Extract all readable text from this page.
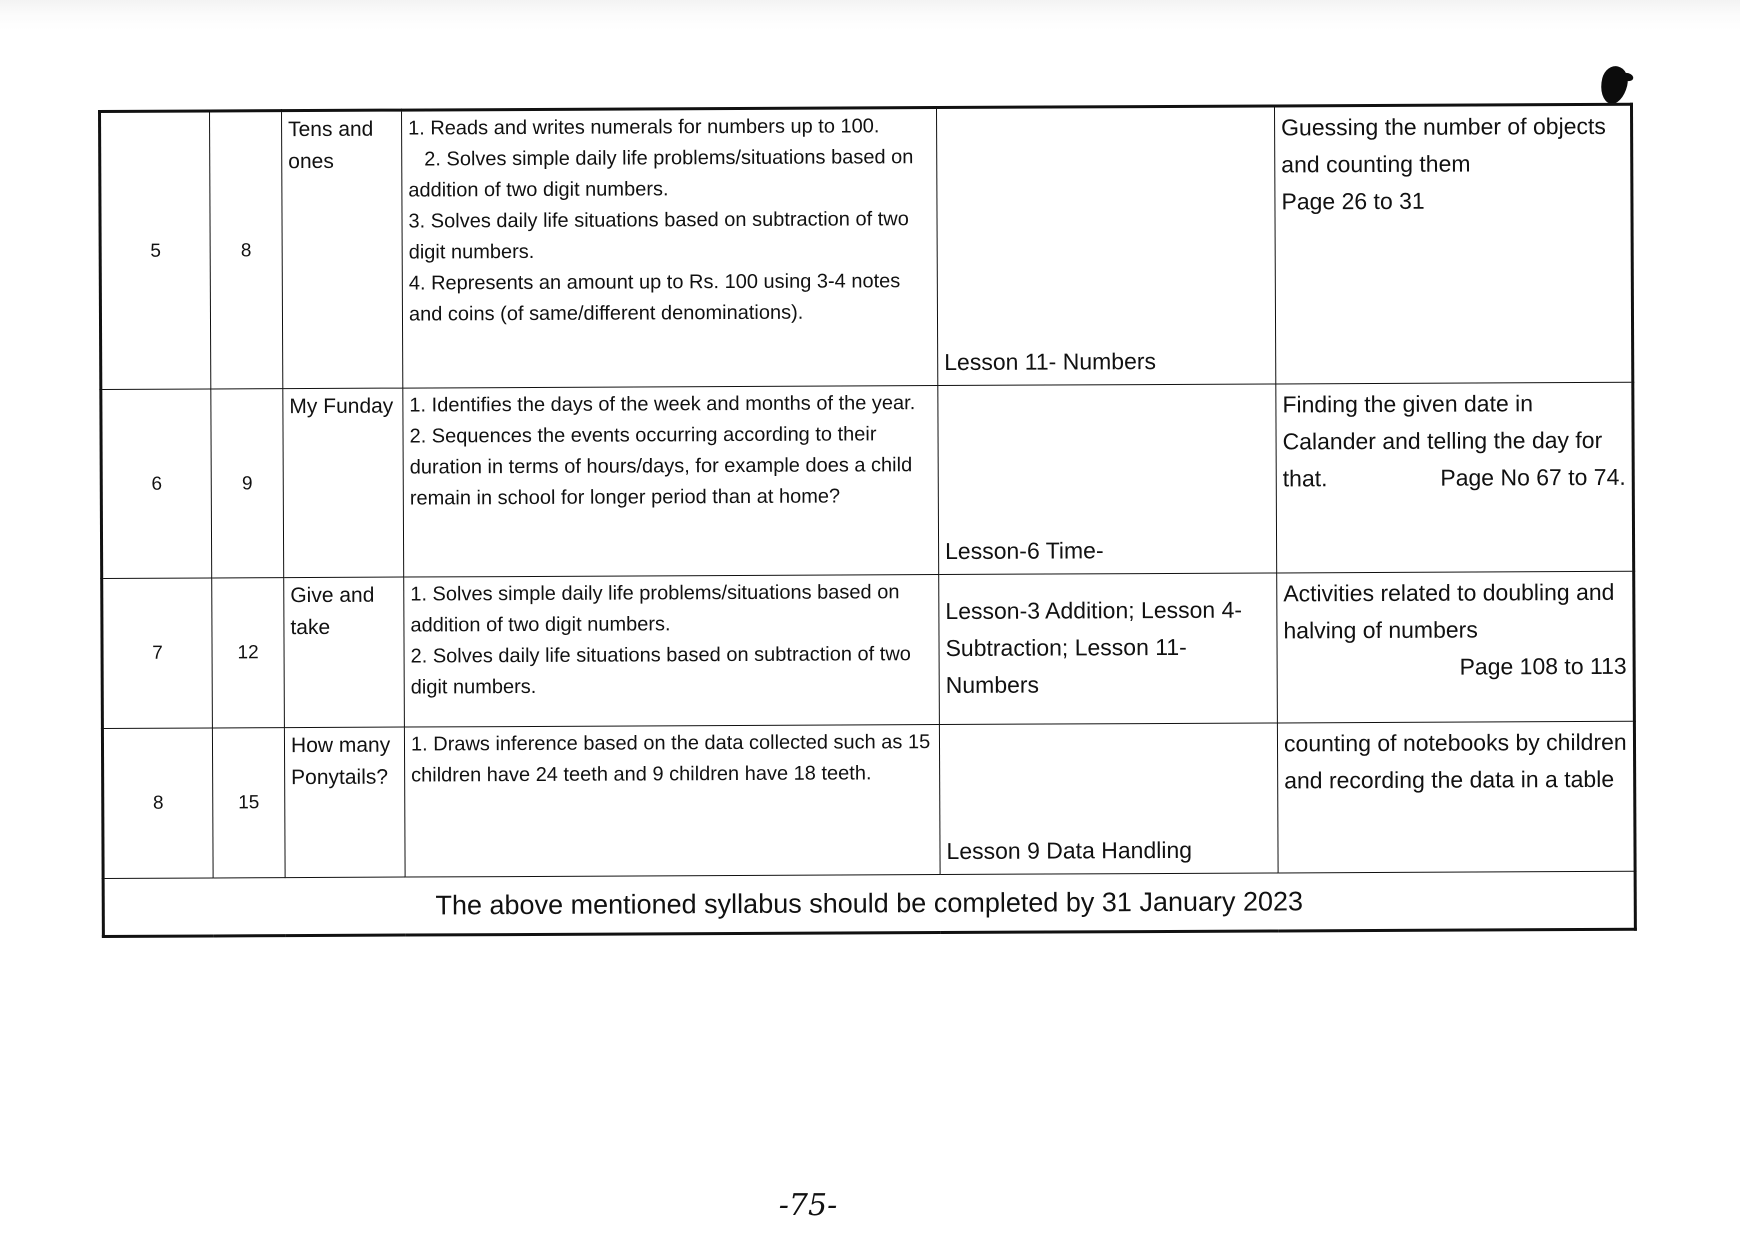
5	8	Tens and ones	1. Reads and writes numerals for numbers up to 100.
2. Solves simple daily life problems/situations based on addition of two digit numbers.
3. Solves daily life situations based on subtraction of two digit numbers.
4. Represents an amount up to Rs. 100 using 3-4 notes and coins (of same/different denominations).	Lesson 11- Numbers	Guessing the number of objects and counting them
Page 26 to 31

6	9	My Funday	1. Identifies the days of the week and months of the year.
2. Sequences the events occurring according to their duration in terms of hours/days, for example does a child remain in school for longer period than at home?	Lesson-6 Time-	Finding the given date in Calander and telling the day for that. Page No 67 to 74.

7	12	Give and take	1. Solves simple daily life problems/situations based on addition of two digit numbers.
2. Solves daily life situations based on subtraction of two digit numbers.	Lesson-3 Addition; Lesson 4- Subtraction; Lesson 11- Numbers	Activities related to doubling and halving of numbers
Page 108 to 113

8	15	How many Ponytails?	1. Draws inference based on the data collected such as 15 children have 24 teeth and 9 children have 18 teeth.	Lesson 9 Data Handling	counting of notebooks by children and recording the data in a table

The above mentioned syllabus should be completed by 31 January 2023					
-75-
